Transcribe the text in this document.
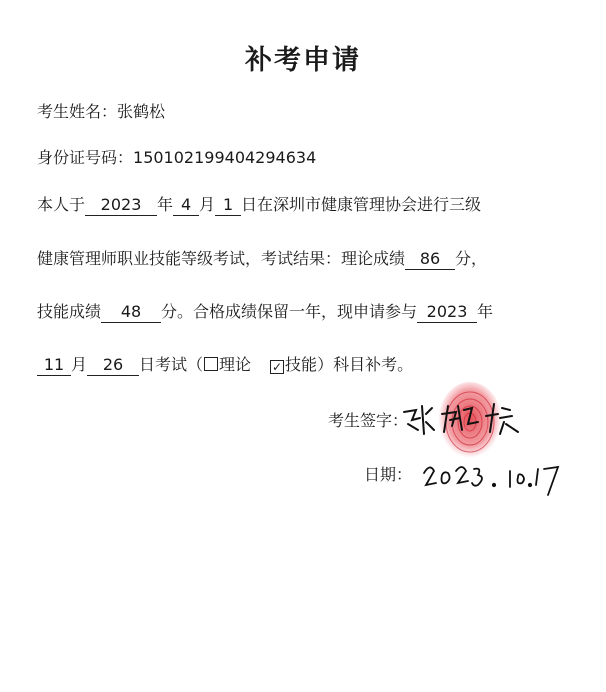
补考申请
考生姓名：张鹤松
身份证号码：150102199404294634
本人于 2023 年 4 月 1 日在深圳市健康管理协会进行三级
健康管理师职业技能等级考试，考试结果：理论成绩 86 分，
技能成绩 48 分。合格成绩保留一年，现申请参与 2023 年
11 月 26 日考试（ 理论 ✓ 技能）科目补考。
考生签字：
日期：
